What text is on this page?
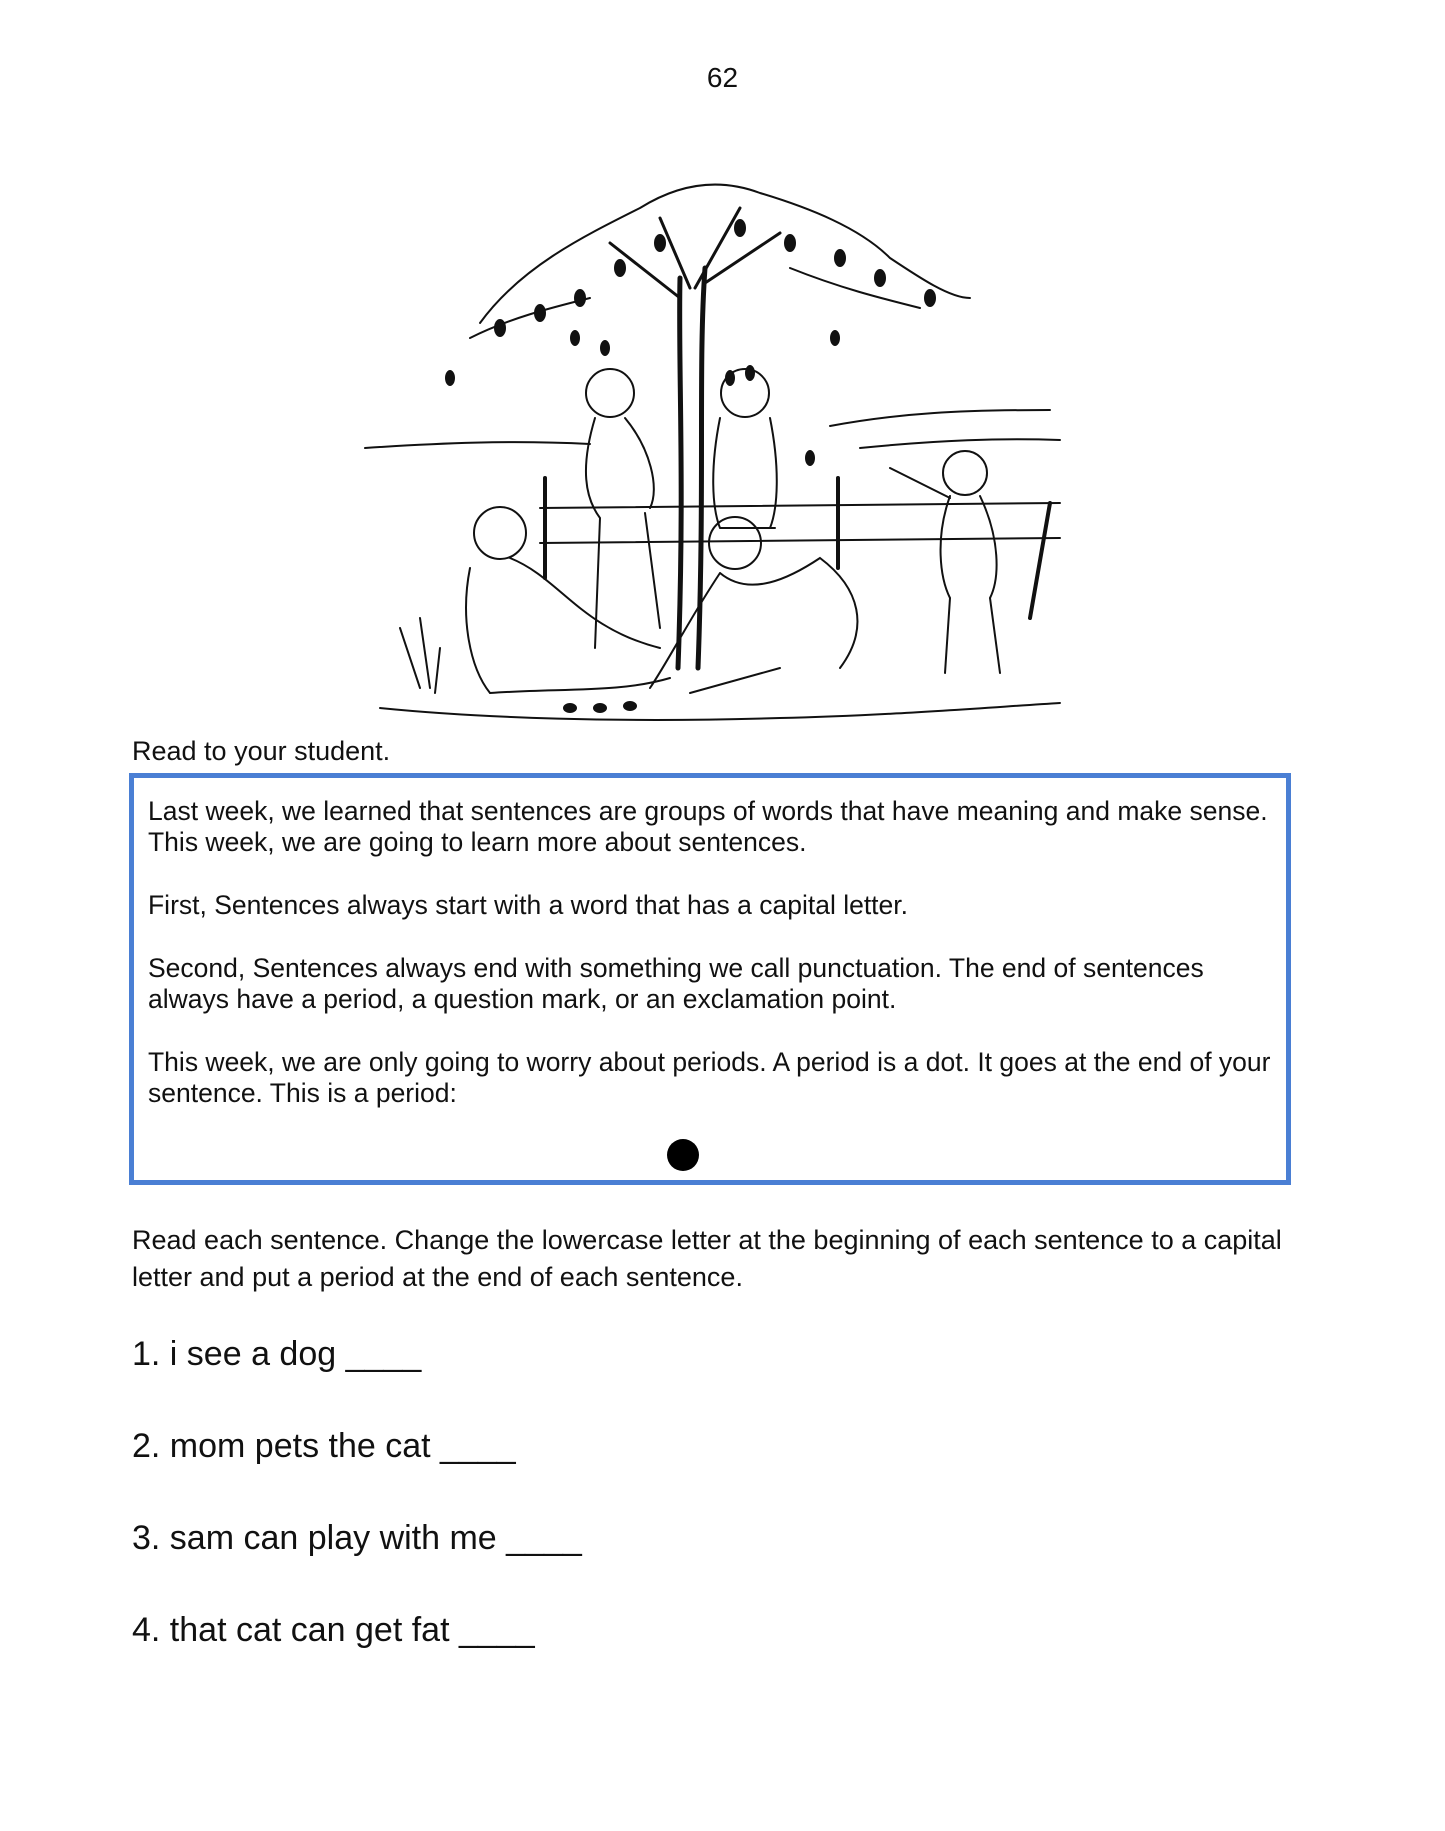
62
Read to your student.

Last week, we learned that sentences are groups of words that have meaning and make sense. This week, we are going to learn more about sentences.

First, Sentences always start with a word that has a capital letter.

Second, Sentences always end with something we call punctuation. The end of sentences always have a period, a question mark, or an exclamation point.

This week, we are only going to worry about periods. A period is a dot. It goes at the end of your sentence. This is a period:

Read each sentence. Change the lowercase letter at the beginning of each sentence to a capital letter and put a period at the end of each sentence.
1. i see a dog ____
2. mom pets the cat ____
3. sam can play with me ____
4. that cat can get fat ____
